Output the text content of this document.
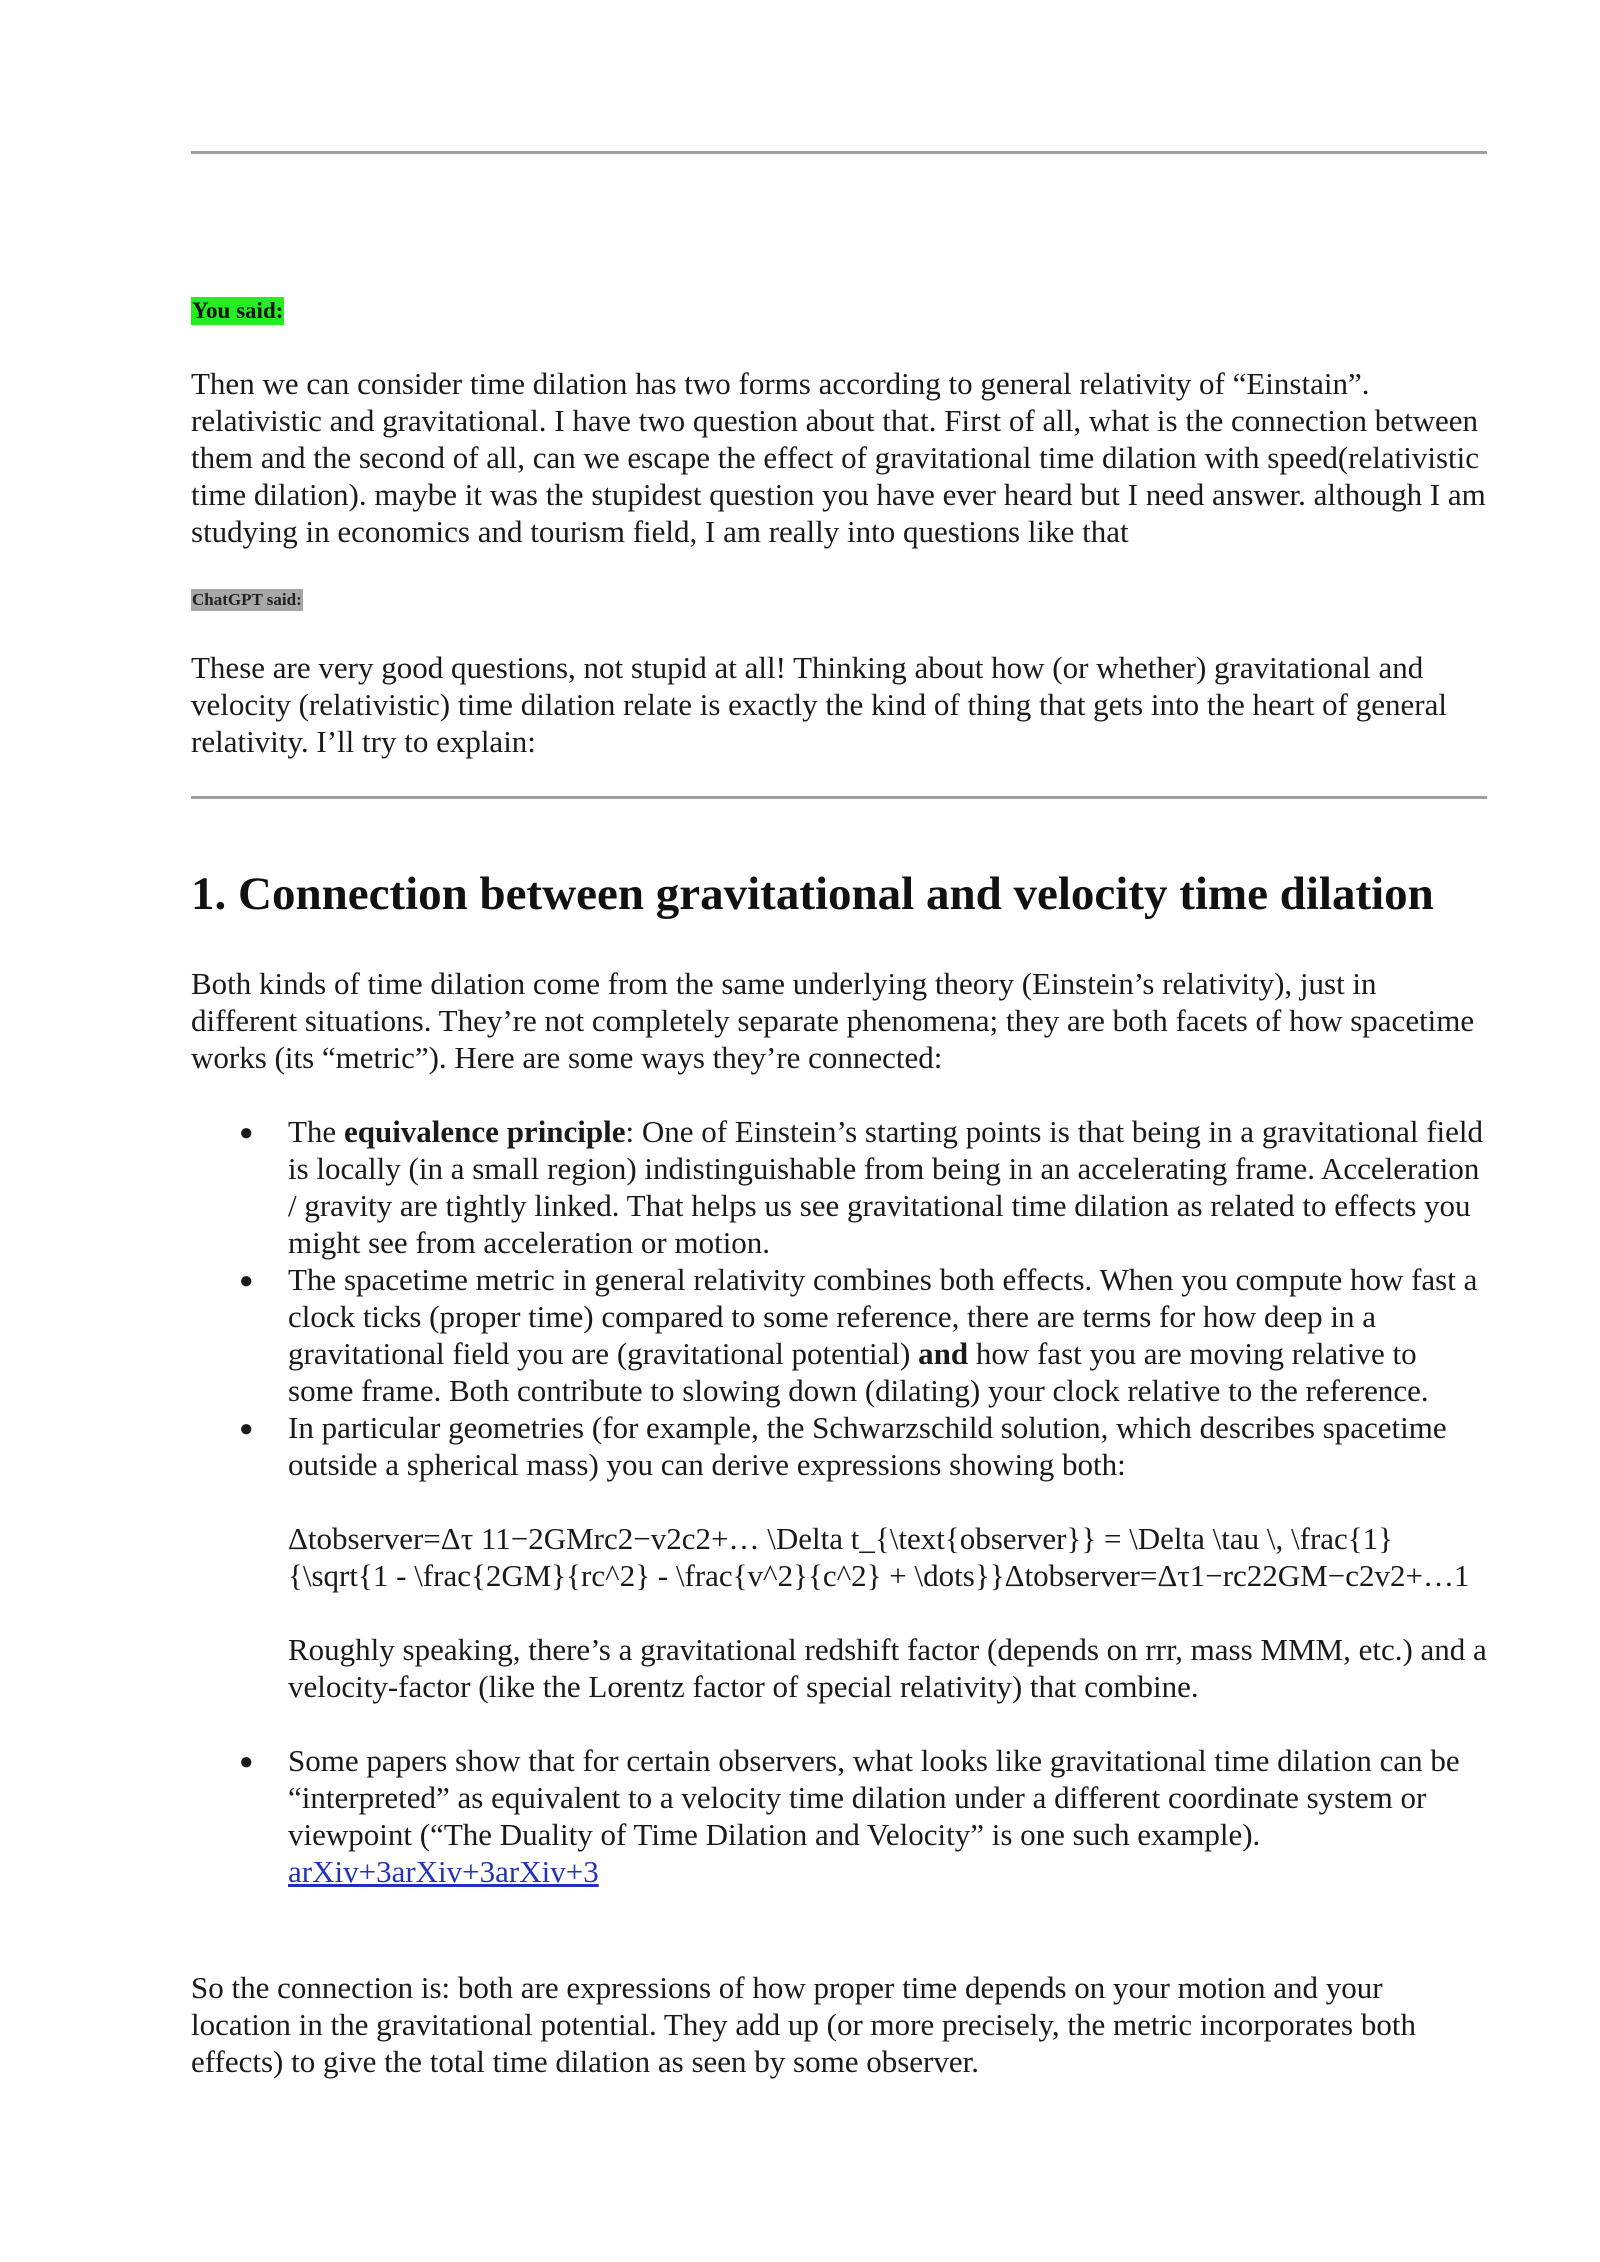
You said:

Then we can consider time dilation has two forms according to general relativity of “Einstain”. relativistic and gravitational. I have two question about that. First of all, what is the connection between them and the second of all, can we escape the effect of gravitational time dilation with speed(relativistic time dilation). maybe it was the stupidest question you have ever heard but I need answer. although I am studying in economics and tourism field, I am really into questions like that

ChatGPT said:

These are very good questions, not stupid at all! Thinking about how (or whether) gravitational and velocity (relativistic) time dilation relate is exactly the kind of thing that gets into the heart of general relativity. I’ll try to explain:

1. Connection between gravitational and velocity time dilation

Both kinds of time dilation come from the same underlying theory (Einstein’s relativity), just in different situations. They’re not completely separate phenomena; they are both facets of how spacetime works (its “metric”). Here are some ways they’re connected:

● The equivalence principle: One of Einstein’s starting points is that being in a gravitational field is locally (in a small region) indistinguishable from being in an accelerating frame. Acceleration / gravity are tightly linked. That helps us see gravitational time dilation as related to effects you might see from acceleration or motion.
● The spacetime metric in general relativity combines both effects. When you compute how fast a clock ticks (proper time) compared to some reference, there are terms for how deep in a gravitational field you are (gravitational potential) and how fast you are moving relative to some frame. Both contribute to slowing down (dilating) your clock relative to the reference.
● In particular geometries (for example, the Schwarzschild solution, which describes spacetime outside a spherical mass) you can derive expressions showing both:
Δtobserver=Δτ 11−2GMrc2−v2c2+… \Delta t_{\text{observer}} = \Delta \tau \, \frac{1}{\sqrt{1 - \frac{2GM}{rc^2} - \frac{v^2}{c^2} + \dots}}Δtobserver=Δτ1−rc22GM−c2v2+…1
Roughly speaking, there’s a gravitational redshift factor (depends on rrr, mass MMM, etc.) and a velocity-factor (like the Lorentz factor of special relativity) that combine.
● Some papers show that for certain observers, what looks like gravitational time dilation can be “interpreted” as equivalent to a velocity time dilation under a different coordinate system or viewpoint (“The Duality of Time Dilation and Velocity” is one such example).
arXiv+3arXiv+3arXiv+3

So the connection is: both are expressions of how proper time depends on your motion and your location in the gravitational potential. They add up (or more precisely, the metric incorporates both effects) to give the total time dilation as seen by some observer.
